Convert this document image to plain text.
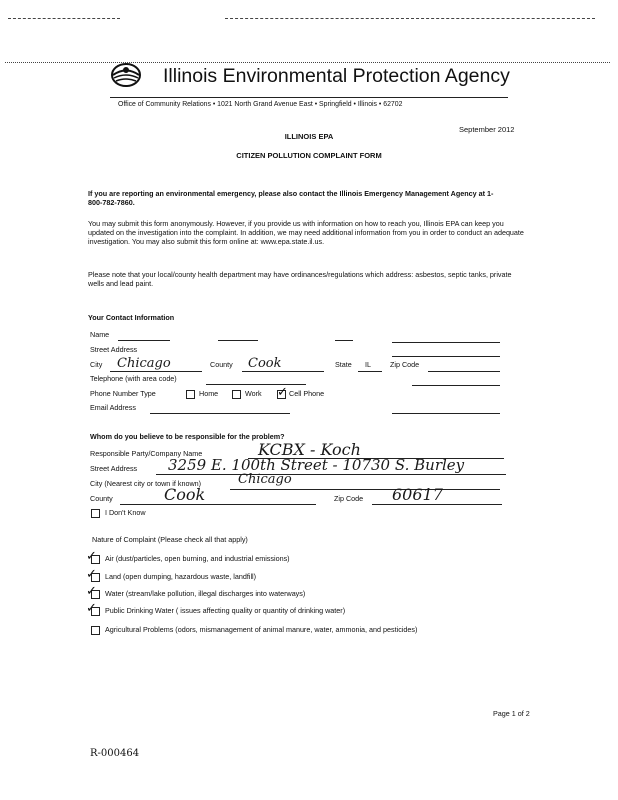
Illinois Environmental Protection Agency
Office of Community Relations • 1021 North Grand Avenue East • Springfield • Illinois • 62702
September 2012
ILLINOIS EPA
CITIZEN POLLUTION COMPLAINT FORM
If you are reporting an environmental emergency, please also contact the Illinois Emergency Management Agency at 1-800-782-7860.
You may submit this form anonymously. However, if you provide us with information on how to reach you, Illinois EPA can keep you updated on the investigation into the complaint. In addition, we may need additional information from you in order to conduct an adequate investigation. You may also submit this form online at: www.epa.state.il.us.
Please note that your local/county health department may have ordinances/regulations which address: asbestos, septic tanks, private wells and lead paint.
Your Contact Information
Name
Street Address
City Chicago	County Cook	State IL	Zip Code
Telephone (with area code)
Phone Number Type	Home	Work ✓ Cell Phone
Email Address
Whom do you believe to be responsible for the problem?
Responsible Party/Company Name	KCBX - Koch
Street Address 3259 E. 100th Street - 10730 S. Burley
City (Nearest city or town if known)	Chicago
County	Cook	Zip Code 60617
I Don't Know
Nature of Complaint (Please check all that apply)
✓ Air (dust/particles, open burning, and industrial emissions)
✓ Land (open dumping, hazardous waste, landfill)
✓ Water (stream/lake pollution, illegal discharges into waterways)
✓ Public Drinking Water ( issues affecting quality or quantity of drinking water)
Agricultural Problems (odors, mismanagement of animal manure, water, ammonia, and pesticides)
Page 1 of 2
R-000464
